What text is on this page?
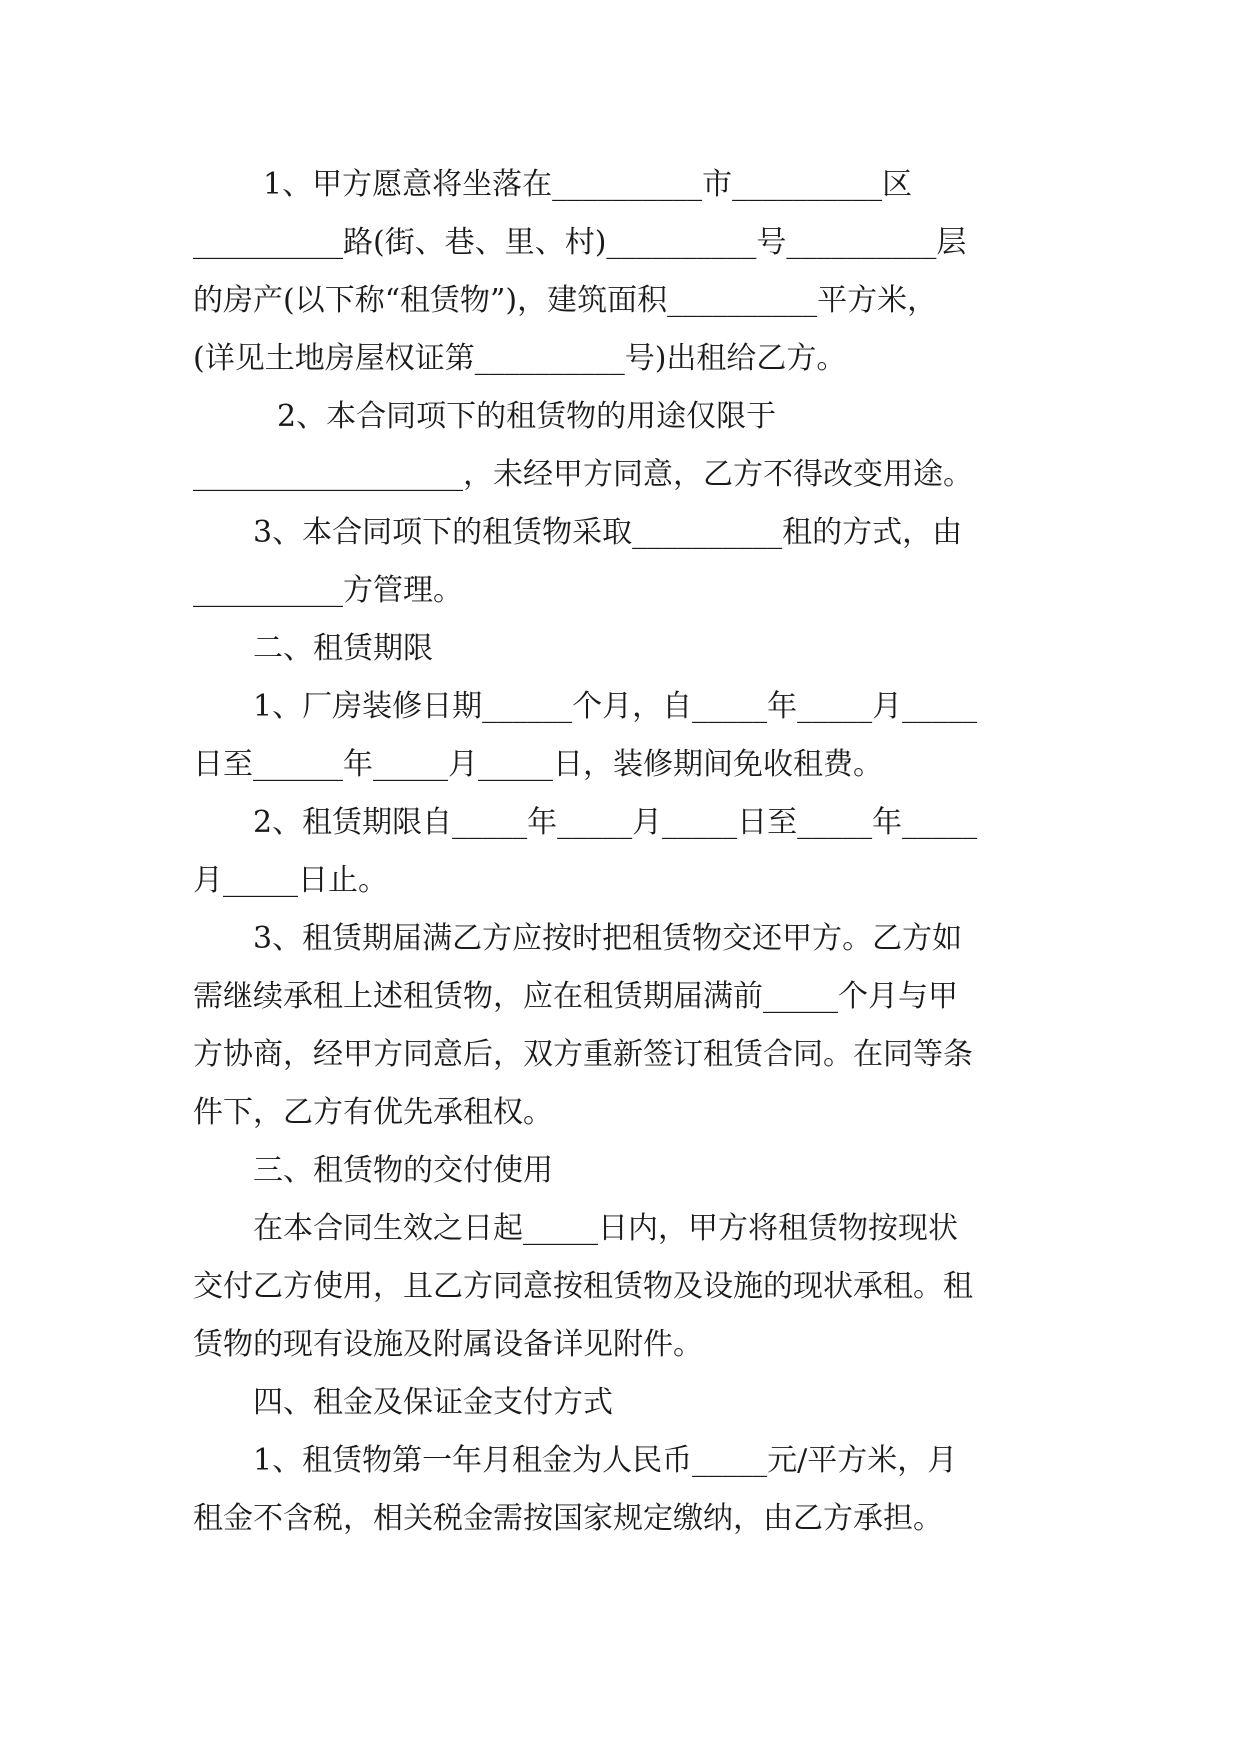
1、甲方愿意将坐落在__________市__________区

__________路(街、巷、里、村)__________号__________层

的房产(以下称“租赁物”)，建筑面积__________平方米，

(详见土地房屋权证第__________号)出租给乙方。

2、本合同项下的租赁物的用途仅限于

__________________，未经甲方同意，乙方不得改变用途。

3、本合同项下的租赁物采取__________租的方式，由

__________方管理。

二、租赁期限

1、厂房装修日期______个月，自_____年_____月_____

日至______年_____月_____日，装修期间免收租费。

2、租赁期限自_____年_____月_____日至_____年_____

月_____日止。

3、租赁期届满乙方应按时把租赁物交还甲方。乙方如

需继续承租上述租赁物，应在租赁期届满前_____个月与甲

方协商，经甲方同意后，双方重新签订租赁合同。在同等条

件下，乙方有优先承租权。

三、租赁物的交付使用

在本合同生效之日起_____日内，甲方将租赁物按现状

交付乙方使用，且乙方同意按租赁物及设施的现状承租。租

赁物的现有设施及附属设备详见附件。

四、租金及保证金支付方式

1、租赁物第一年月租金为人民币_____元/平方米，月

租金不含税，相关税金需按国家规定缴纳，由乙方承担。
